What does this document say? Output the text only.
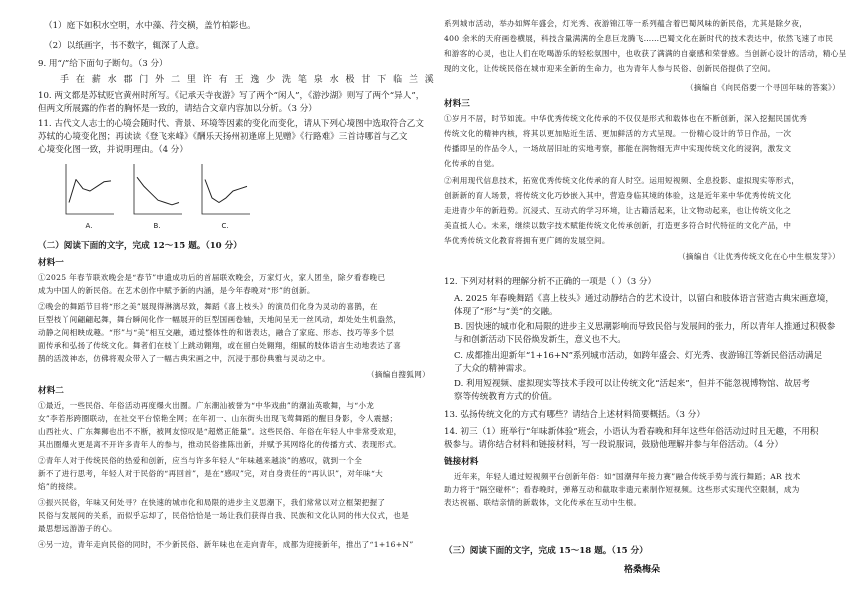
（1）庭下如积水空明，水中藻、荇交横，盖竹柏影也。
（2）以纸画字，书不数字，辄深了人意。
9. 用“/”给下面句子断句。（3 分）
手 在 薪 水 郡 门 外 二 里 许 有 王 逸 少 洗 笔 泉 水 极 甘 下 临 兰 溪
10. 两文都是苏轼贬官黄州时所写。《记承天寺夜游》写了两个“闲人”，《游沙湖》则写了两个“异人”，
但两文所展露的作者的胸怀是一致的，请结合文章内容加以分析。（3 分）
11. 古代文人志士的心境会随时代、背景、环境等因素的变化而变化，请从下列心境图中选取符合乙文
苏轼的心境变化图；再读读《登飞来峰》《酬乐天扬州初逢席上见赠》《行路难》三首诗哪首与乙文
心境变化图一致，并说明理由。（4 分）
A.	B.	C.
（二）阅读下面的文字，完成 12～15 题。（10 分）
材料一
①2025 年春节联欢晚会是“春节”申遗成功后的首届联欢晚会，万家灯火，家人团坐，除夕看春晚已
成为中国人的新民俗。在艺术创作中赋予新的内涵，是今年春晚对“形”的创新。
②晚会的舞蹈节目将“形之美”展现得淋漓尽致，舞蹈《喜上枝头》的演员们化身为灵动的喜鹊，在
巨型枝丫间翩翩起舞，舞台瞬间化作一幅展开的巨型国画卷轴，天地间呈无一丝风动，却处处生机盎然，
动静之间相映成趣。“形”与“美”相互交融，通过整体性的和谐表达，融合了家庭、形态、技巧等多个层
面传承和弘扬了传统文化。舞者们在枝丫上跳动翱翔，或在留白处翱翔，细腻的肢体语言生动地表达了喜
鹊的活泼神态，仿佛将观众带入了一幅古典宋画之中，沉浸于那份典雅与灵动之中。
（摘编自搜狐网）
材料二
①最近，一些民俗、年俗活动再度爆火出圈。广东潮汕被誉为“中华戏曲”的潮汕英歌舞，与“小龙
女”李若彤跨圈联动，在社交平台惊艳全网；在年初一、山东街头出现飞莺舞蹈的醒目身影，令人震撼；
山西社火、广东舞狮也出不不断，被网友惊叹是“超燃正能量”。这些民俗、年俗在年轻人中非常受欢迎，
其出圈爆火更是离不开许多青年人的参与，推动民俗推陈出新，并赋予其网络化的传播方式、表现形式。
②青年人对于传统民俗的热爱和创新，应当与许多年轻人“年味越来越淡”的感叹，就到一个全
新不了进行思考，年轻人对于民俗的“再回首”，是在“感叹”完，对自身责任的“再认识”，对年味“大
焰”的接续。
③振兴民俗，年味又何处寻？在快速的城市化和局限的进步主义思潮下，我们常常以对立框架把握了
民俗与发展间的关系，而似乎忘却了，民俗恰恰是一场让我们获得自我、民族和文化认同的伟大仪式，也是
最思想远游游子的心。
④另一边，青年走向民俗的同时，不少新民俗、新年味也在走向青年，成都为迎接新年，推出了“1+16+N”
系列城市活动，举办如辉年盛会，灯光秀、夜游锦江等一系列蕴含着巴蜀风味的新民俗，尤其是除夕夜，
400 余米的天府画卷横展，科技含量满满的全息巨龙腾飞……巴蜀文化在新时代的技术表达中，依然飞速了市民
和游客的心灵，也让人们在吃喝游乐的轻松氛围中，也收获了满满的自豪感和荣誉感。当创新心设计的活动，精心呈
现的文化，让传统民俗在城市迎来全新的生命力，也为青年人参与民俗、创新民俗提供了空间。
（摘编自《向民俗要一个寻回年味的答案》）
材料三
①岁月不居，时节如流。中华优秀传统文化传承的不仅仅是形式和载体也在不断创新，深入挖掘民国优秀
传统文化的精神内核，将其以更加贴近生活、更加鲜活的方式呈现。一份精心设计的节日作品，一次
传播即呈的作品令人，一场故居旧址的实地考察，都能在润物细无声中实现传统文化的浸润，激发文
化传承的自觉。
②利用现代信息技术，拓宽优秀传统文化传承的育人时空。运用短视频、全息投影、虚拟现实等形式，
创新新的育人场景，将传统文化巧妙嵌入其中，营造身临其境的体验，这是近年来中华优秀传统文化
走进青少年的新趋势。沉浸式、互动式的学习环境，让古籍活起来，让文物动起来，也让传统文化之
美直抵人心。未来，继续以数字技术赋能传统文化传承创新，打造更多符合时代特征的文化产品，中
华优秀传统文化教育将拥有更广阔的发展空间。
（摘编自《让优秀传统文化在心中生根发芽》）
12. 下列对材料的理解分析不正确的一项是（ ）（3 分）
A. 2025 年春晚舞蹈《喜上枝头》通过动静结合的艺术设计，以留白和肢体语言营造古典宋画意境，
体现了“形”与“美”的交融。
B. 因快速的城市化和局限的进步主义思潮影响而导致民俗与发展间的张力，所以青年人推通过积极参
与和创新活动下民俗焕发新生，意义也不大。
C. 成都推出迎新年“1+16+N”系列城市活动，如跨年盛会、灯光秀、夜游锦江等新民俗活动满足
了大众的精神需求。
D. 利用短视频、虚拟现实等技术手段可以让传统文化“活起来”，但并不能忽视博物馆、故居考
察等传统教育方式的价值。
13. 弘扬传统文化的方式有哪些？请结合上述材料简要概括。（3 分）
14. 初三（1）班举行“年味新体验”班会，小语认为看春晚和拜年这些年俗活动过时且无趣，不用积
极参与。请你结合材料和链接材料，写一段说服词，鼓励他理解并参与年俗活动。（4 分）
链接材料
近年来，年轻人通过短视频平台创新年俗：如“国潮拜年接力赛”融合传统手势与流行舞蹈；AR 技术
助力将于“隔空碰杯”；看春晚时，弹幕互动和截取非遗元素制作短视频。这些形式实现代空限制，成为
表达祝福、联结亲情的新载体，文化传承在互动中生根。
（三）阅读下面的文字，完成 15～18 题。（15 分）
格桑梅朵
